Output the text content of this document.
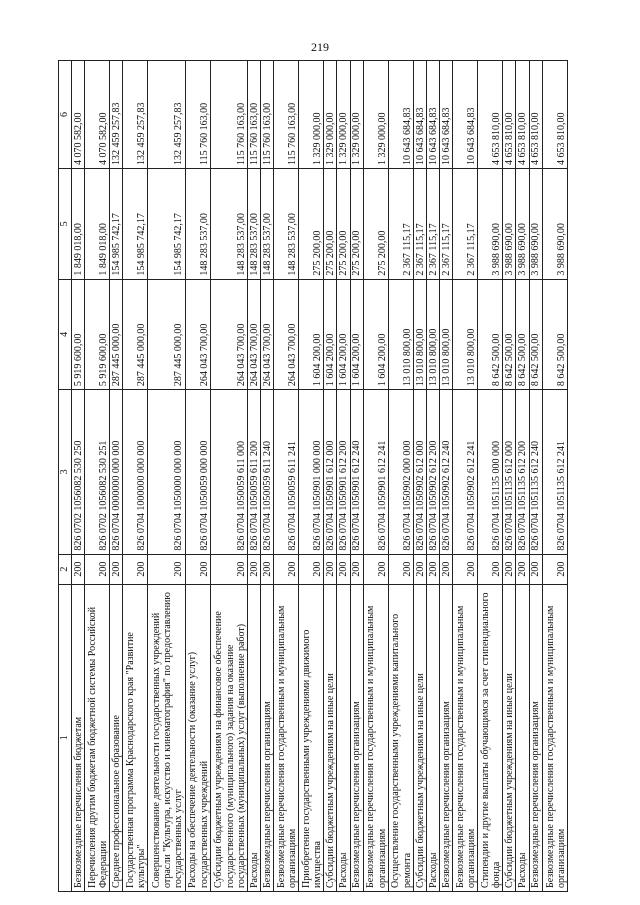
219
1	2	3	4	5	6
Безвозмездные перечисления бюджетам	200	826 0702 1056082 530 250	5 919 600,00	1 849 018,00	4 070 582,00
Перечисления другим бюджетам бюджетной системы Российской Федерации	200	826 0702 1056082 530 251	5 919 600,00	1 849 018,00	4 070 582,00
Среднее профессиональное образование	200	826 0704 0000000 000 000	287 445 000,00	154 985 742,17	132 459 257,83
Государственная программа Краснодарского края "Развитие культуры"	200	826 0704 1000000 000 000	287 445 000,00	154 985 742,17	132 459 257,83
Совершенствование деятельности государственных учреждений отрасли "Культура, искусство и кинематография" по предоставлению государственных услуг	200	826 0704 1050000 000 000	287 445 000,00	154 985 742,17	132 459 257,83
Расходы на обеспечение деятельности (оказание услуг) государственных учреждений	200	826 0704 1050059 000 000	264 043 700,00	148 283 537,00	115 760 163,00
Субсидии бюджетным учреждениям на финансовое обеспечение государственного (муниципального) задания на оказание государственных (муниципальных) услуг (выполнение работ)	200	826 0704 1050059 611 000	264 043 700,00	148 283 537,00	115 760 163,00
Расходы	200	826 0704 1050059 611 200	264 043 700,00	148 283 537,00	115 760 163,00
Безвозмездные перечисления организациям	200	826 0704 1050059 611 240	264 043 700,00	148 283 537,00	115 760 163,00
Безвозмездные перечисления государственным и муниципальным организациям	200	826 0704 1050059 611 241	264 043 700,00	148 283 537,00	115 760 163,00
Приобретение государственными учреждениями движимого имущества	200	826 0704 1050901 000 000	1 604 200,00	275 200,00	1 329 000,00
Субсидии бюджетным учреждениям на иные цели	200	826 0704 1050901 612 000	1 604 200,00	275 200,00	1 329 000,00
Расходы	200	826 0704 1050901 612 200	1 604 200,00	275 200,00	1 329 000,00
Безвозмездные перечисления организациям	200	826 0704 1050901 612 240	1 604 200,00	275 200,00	1 329 000,00
Безвозмездные перечисления государственным и муниципальным организациям	200	826 0704 1050901 612 241	1 604 200,00	275 200,00	1 329 000,00
Осуществление государственными учреждениями капитального ремонта	200	826 0704 1050902 000 000	13 010 800,00	2 367 115,17	10 643 684,83
Субсидии бюджетным учреждениям на иные цели	200	826 0704 1050902 612 000	13 010 800,00	2 367 115,17	10 643 684,83
Расходы	200	826 0704 1050902 612 200	13 010 800,00	2 367 115,17	10 643 684,83
Безвозмездные перечисления организациям	200	826 0704 1050902 612 240	13 010 800,00	2 367 115,17	10 643 684,83
Безвозмездные перечисления государственным и муниципальным организациям	200	826 0704 1050902 612 241	13 010 800,00	2 367 115,17	10 643 684,83
Стипендии и другие выплаты обучающимся за счет стипендиального фонда	200	826 0704 1051135 000 000	8 642 500,00	3 988 690,00	4 653 810,00
Субсидии бюджетным учреждениям на иные цели	200	826 0704 1051135 612 000	8 642 500,00	3 988 690,00	4 653 810,00
Расходы	200	826 0704 1051135 612 200	8 642 500,00	3 988 690,00	4 653 810,00
Безвозмездные перечисления организациям	200	826 0704 1051135 612 240	8 642 500,00	3 988 690,00	4 653 810,00
Безвозмездные перечисления государственным и муниципальным организациям	200	826 0704 1051135 612 241	8 642 500,00	3 988 690,00	4 653 810,00
